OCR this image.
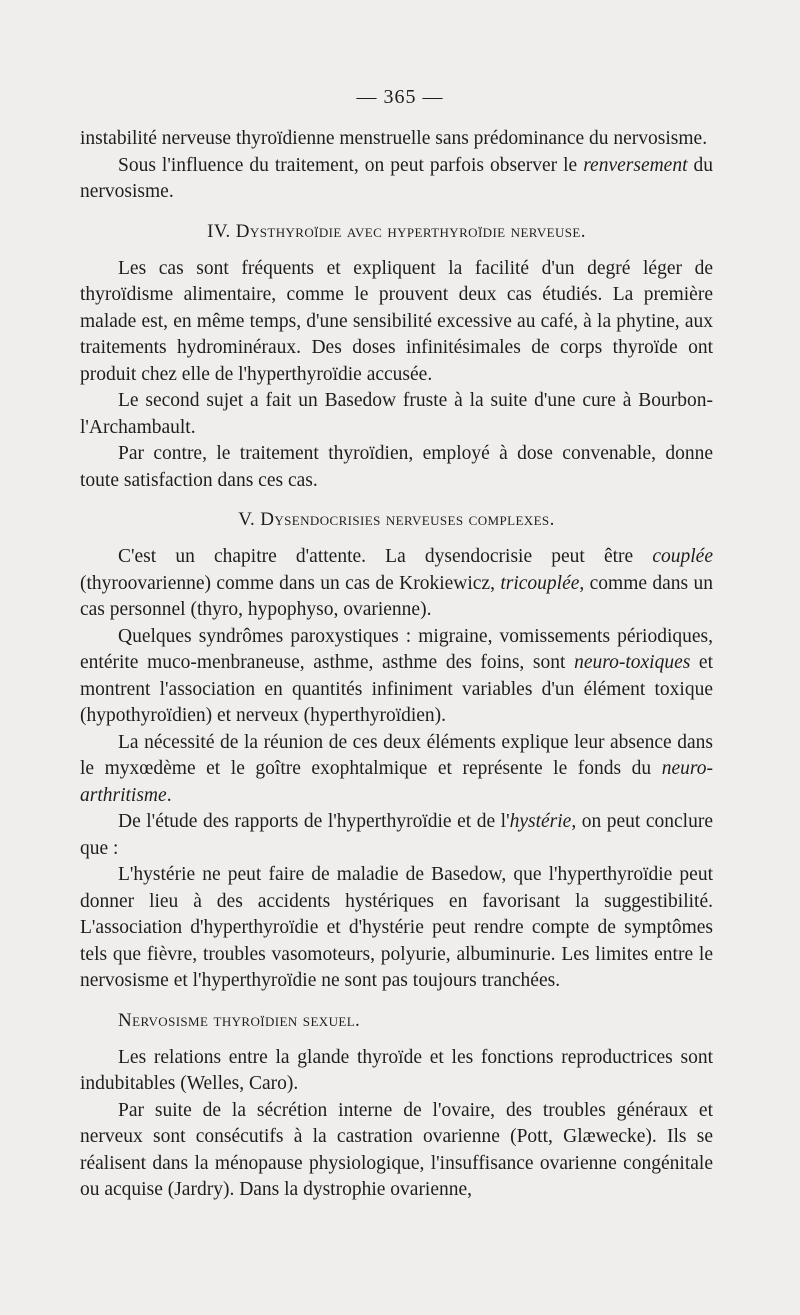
— 365 —

instabilité nerveuse thyroïdienne menstruelle sans prédominance du nervosisme.

Sous l'influence du traitement, on peut parfois observer le renversement du nervosisme.

IV. Dysthyroïdie avec hyperthyroïdie nerveuse.

Les cas sont fréquents et expliquent la facilité d'un degré léger de thyroïdisme alimentaire, comme le prouvent deux cas étudiés. La première malade est, en même temps, d'une sensibilité excessive au café, à la phytine, aux traitements hydrominéraux. Des doses infinitésimales de corps thyroïde ont produit chez elle de l'hyperthyroïdie accusée.

Le second sujet a fait un Basedow fruste à la suite d'une cure à Bourbon-l'Archambault.

Par contre, le traitement thyroïdien, employé à dose convenable, donne toute satisfaction dans ces cas.

V. Dysendocrisies nerveuses complexes.

C'est un chapitre d'attente. La dysendocrisie peut être couplée (thyroovarienne) comme dans un cas de Krokiewicz, tricouplée, comme dans un cas personnel (thyro, hypophyso, ovarienne).

Quelques syndrômes paroxystiques : migraine, vomissements périodiques, entérite muco-menbraneuse, asthme, asthme des foins, sont neuro-toxiques et montrent l'association en quantités infiniment variables d'un élément toxique (hypothyroïdien) et nerveux (hyperthyroïdien).

La nécessité de la réunion de ces deux éléments explique leur absence dans le myxœdème et le goître exophtalmique et représente le fonds du neuro-arthritisme.

De l'étude des rapports de l'hyperthyroïdie et de l'hystérie, on peut conclure que :

L'hystérie ne peut faire de maladie de Basedow, que l'hyperthyroïdie peut donner lieu à des accidents hystériques en favorisant la suggestibilité. L'association d'hyperthyroïdie et d'hystérie peut rendre compte de symptômes tels que fièvre, troubles vasomoteurs, polyurie, albuminurie. Les limites entre le nervosisme et l'hyperthyroïdie ne sont pas toujours tranchées.

Nervosisme thyroïdien sexuel.

Les relations entre la glande thyroïde et les fonctions reproductrices sont indubitables (Welles, Caro).

Par suite de la sécrétion interne de l'ovaire, des troubles généraux et nerveux sont consécutifs à la castration ovarienne (Pott, Glæwecke). Ils se réalisent dans la ménopause physiologique, l'insuffisance ovarienne congénitale ou acquise (Jardry). Dans la dystrophie ovarienne,
